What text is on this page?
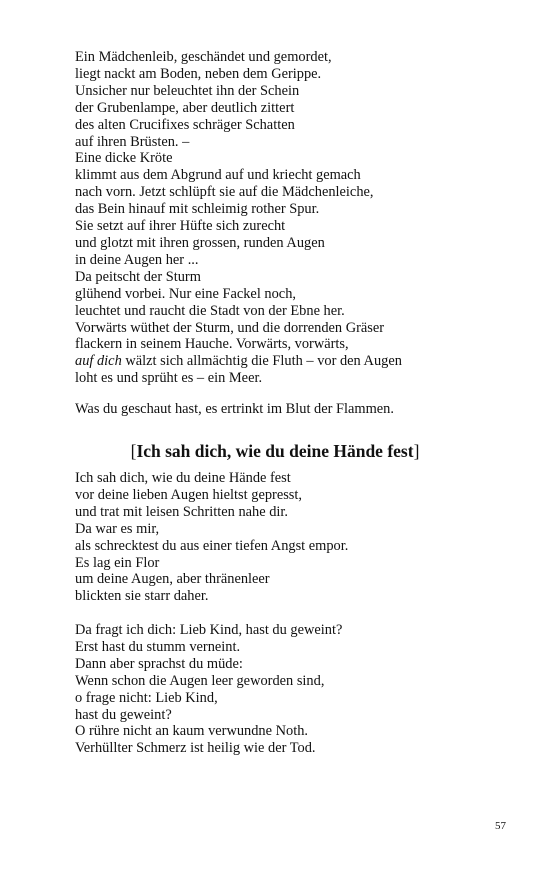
Ein Mädchenleib, geschändet und gemordet,
liegt nackt am Boden, neben dem Gerippe.
Unsicher nur beleuchtet ihn der Schein
der Grubenlampe, aber deutlich zittert
des alten Crucifixes schräger Schatten
auf ihren Brüsten. –
Eine dicke Kröte
klimmt aus dem Abgrund auf und kriecht gemach
nach vorn. Jetzt schlüpft sie auf die Mädchenleiche,
das Bein hinauf mit schleimig rother Spur.
Sie setzt auf ihrer Hüfte sich zurecht
und glotzt mit ihren grossen, runden Augen
in deine Augen her ...
Da peitscht der Sturm
glühend vorbei. Nur eine Fackel noch,
leuchtet und raucht die Stadt von der Ebne her.
Vorwärts wüthet der Sturm, und die dorrenden Gräser
flackern in seinem Hauche. Vorwärts, vorwärts,
auf dich wälzt sich allmächtig die Fluth – vor den Augen
loht es und sprüht es – ein Meer.

Was du geschaut hast, es ertrinkt im Blut der Flammen.

[Ich sah dich, wie du deine Hände fest]

Ich sah dich, wie du deine Hände fest
vor deine lieben Augen hieltst gepresst,
und trat mit leisen Schritten nahe dir.
Da war es mir,
als schrecktest du aus einer tiefen Angst empor.
Es lag ein Flor
um deine Augen, aber thränenleer
blickten sie starr daher.

Da fragt ich dich: Lieb Kind, hast du geweint?
Erst hast du stumm verneint.
Dann aber sprachst du müde:
Wenn schon die Augen leer geworden sind,
o frage nicht: Lieb Kind,
hast du geweint?
O rühre nicht an kaum verwundne Noth.
Verhüllter Schmerz ist heilig wie der Tod.

57
